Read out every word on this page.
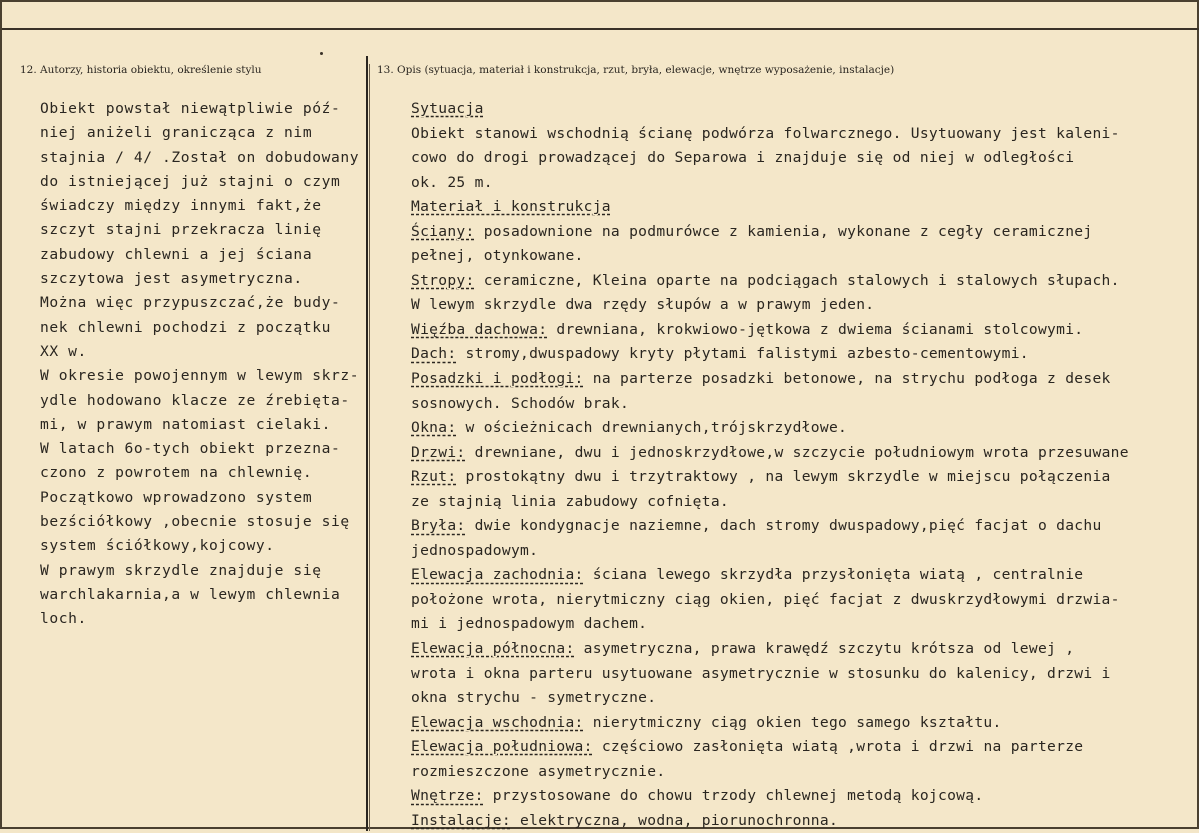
12. Autorzy, historia obiektu, określenie stylu	13. Opis (sytuacja, materiał i konstrukcja, rzut, bryła, elewacje, wnętrze wyposażenie, instalacje)
Obiekt powstał niewątpliwie póź-
niej aniżeli granicząca z nim
stajnia / 4/ .Został on dobudowany
do istniejącej już stajni o czym
świadczy między innymi fakt,że
szczyt stajni przekracza linię
zabudowy chlewni a jej ściana
szczytowa jest asymetryczna.
Można więc przypuszczać,że budy-
nek chlewni pochodzi z początku
XX w.
W okresie powojennym w lewym skrz-
ydle hodowano klacze ze źrebięta-
mi, w prawym natomiast cielaki.
W latach 6o-tych obiekt przezna-
czono z powrotem na chlewnię.
Początkowo wprowadzono system
bezściółkowy ,obecnie stosuje się
system ściółkowy,kojcowy.
W prawym skrzydle znajduje się
warchlakarnia,a w lewym chlewnia
loch.
Sytuacja
Obiekt stanowi wschodnią ścianę podwórza folwarcznego. Usytuowany jest kaleni-
cowo do drogi prowadzącej do Separowa i znajduje się od niej w odległości
ok. 25 m.
Materiał i konstrukcja
Ściany: posadownione na podmurówce z kamienia, wykonane z cegły ceramicznej
pełnej, otynkowane.
Stropy: ceramiczne, Kleina oparte na podciągach stalowych i stalowych słupach.
W lewym skrzydle dwa rzędy słupów a w prawym jeden.
Więźba dachowa: drewniana, krokwiowo-jętkowa z dwiema ścianami stolcowymi.
Dach: stromy,dwuspadowy kryty płytami falistymi azbesto-cementowymi.
Posadzki i podłogi: na parterze posadzki betonowe, na strychu podłoga z desek
sosnowych. Schodów brak.
Okna: w ościeżnicach drewnianych,trójskrzydłowe.
Drzwi: drewniane, dwu i jednoskrzydłowe,w szczycie południowym wrota przesuwane
Rzut: prostokątny dwu i trzytraktowy , na lewym skrzydle w miejscu połączenia
ze stajnią linia zabudowy cofnięta.
Bryła: dwie kondygnacje naziemne, dach stromy dwuspadowy,pięć facjat o dachu
jednospadowym.
Elewacja zachodnia: ściana lewego skrzydła przysłonięta wiatą , centralnie
położone wrota, nierytmiczny ciąg okien, pięć facjat z dwuskrzydłowymi drzwia-
mi i jednospadowym dachem.
Elewacja północna: asymetryczna, prawa krawędź szczytu krótsza od lewej ,
wrota i okna parteru usytuowane asymetrycznie w stosunku do kalenicy, drzwi i
okna strychu - symetryczne.
Elewacja wschodnia: nierytmiczny ciąg okien tego samego kształtu.
Elewacja południowa: częściowo zasłonięta wiatą ,wrota i drzwi na parterze
rozmieszczone asymetrycznie.
Wnętrze: przystosowane do chowu trzody chlewnej metodą kojcową.
Instalacje: elektryczna, wodna, piorunochronna.
